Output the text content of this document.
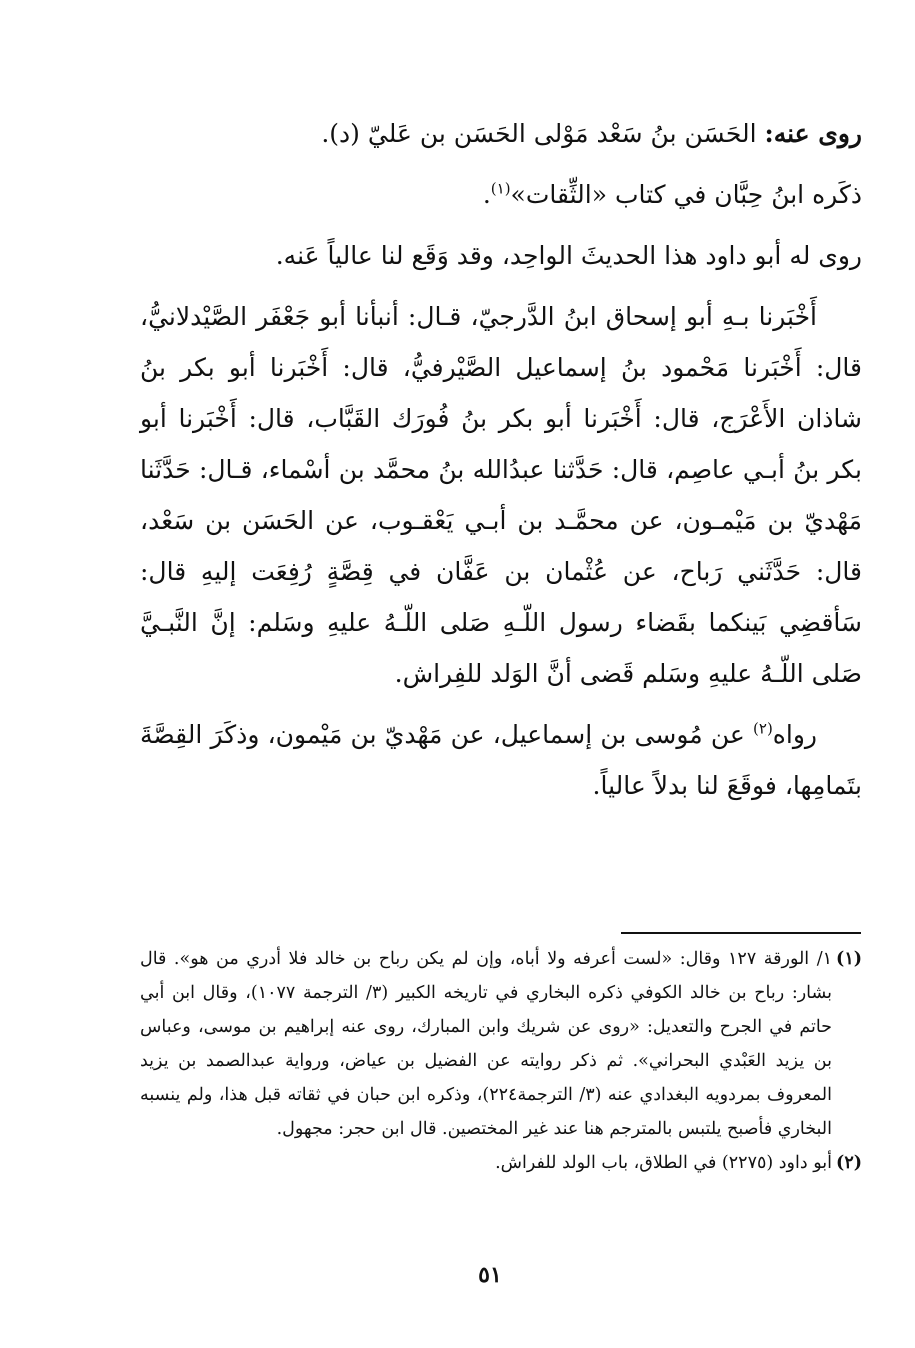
روى عنه: الحَسَن بنُ سَعْد مَوْلى الحَسَن بن عَليّ (د).

ذكَره ابنُ حِبَّان في كتاب «الثِّقات»$^{(١)}$.

روى له أبو داود هذا الحديثَ الواحِد، وقد وَقَع لنا عالياً عَنه.

أَخْبَرنا بـهِ أبو إسحاق ابنُ الدَّرجيّ، قـال: أنبأنا أبو جَعْفَر الصَّيْدلانيُّ، قال: أَخْبَرنا مَحْمود بنُ إسماعيل الصَّيْرفيُّ، قال: أَخْبَرنا أبو بكر بنُ شاذان الأَعْرَج، قال: أَخْبَرنا أبو بكر بنُ فُورَك القَبَّاب، قال: أَخْبَرنا أبو بكر بنُ أبـي عاصِم، قال: حَدَّثنا عبدُالله بنُ محمَّد بن أسْماء، قـال: حَدَّثَنا مَهْديّ بن مَيْمـون، عن محمَّـد بن أبـي يَعْقـوب، عن الحَسَن بن سَعْد، قال: حَدَّثَني رَباح، عن عُثْمان بن عَفَّان في قِصَّةٍ رُفِعَت إليهِ قال: سَأقضِي بَينكما بقَضاء رسول اللّـهِ صَلى اللّـهُ عليهِ وسَلم: إنَّ النَّبـيَّ صَلى اللّـهُ عليهِ وسَلم قَضى أنَّ الوَلد للفِراش.

رواه$^{(٢)}$ عن مُوسى بن إسماعيل، عن مَهْديّ بن مَيْمون، وذكَرَ القِصَّةَ بتَمامِها، فوقَعَ لنا بدلاً عالياً.

(١)
١/ الورقة ١٢٧ وقال: «لست أعرفه ولا أباه، وإن لم يكن رباح بن خالد فلا أدري من هو». قال بشار: رباح بن خالد الكوفي ذكره البخاري في تاريخه الكبير (٣/ الترجمة ١٠٧٧)، وقال ابن أبي حاتم في الجرح والتعديل: «روى عن شريك وابن المبارك، روى عنه إبراهيم بن موسى، وعباس بن يزيد العَبْدي البحراني». ثم ذكر روايته عن الفضيل بن عياض، ورواية عبدالصمد بن يزيد المعروف بمردويه البغدادي عنه (٣/ الترجمة٢٢٤)، وذكره ابن حبان في ثقاته قبل هذا، ولم ينسبه البخاري فأصبح يلتبس بالمترجم هنا عند غير المختصين. قال ابن حجر: مجهول.
(٢)
أبو داود (٢٢٧٥) في الطلاق، باب الولد للفراش.
٥١
